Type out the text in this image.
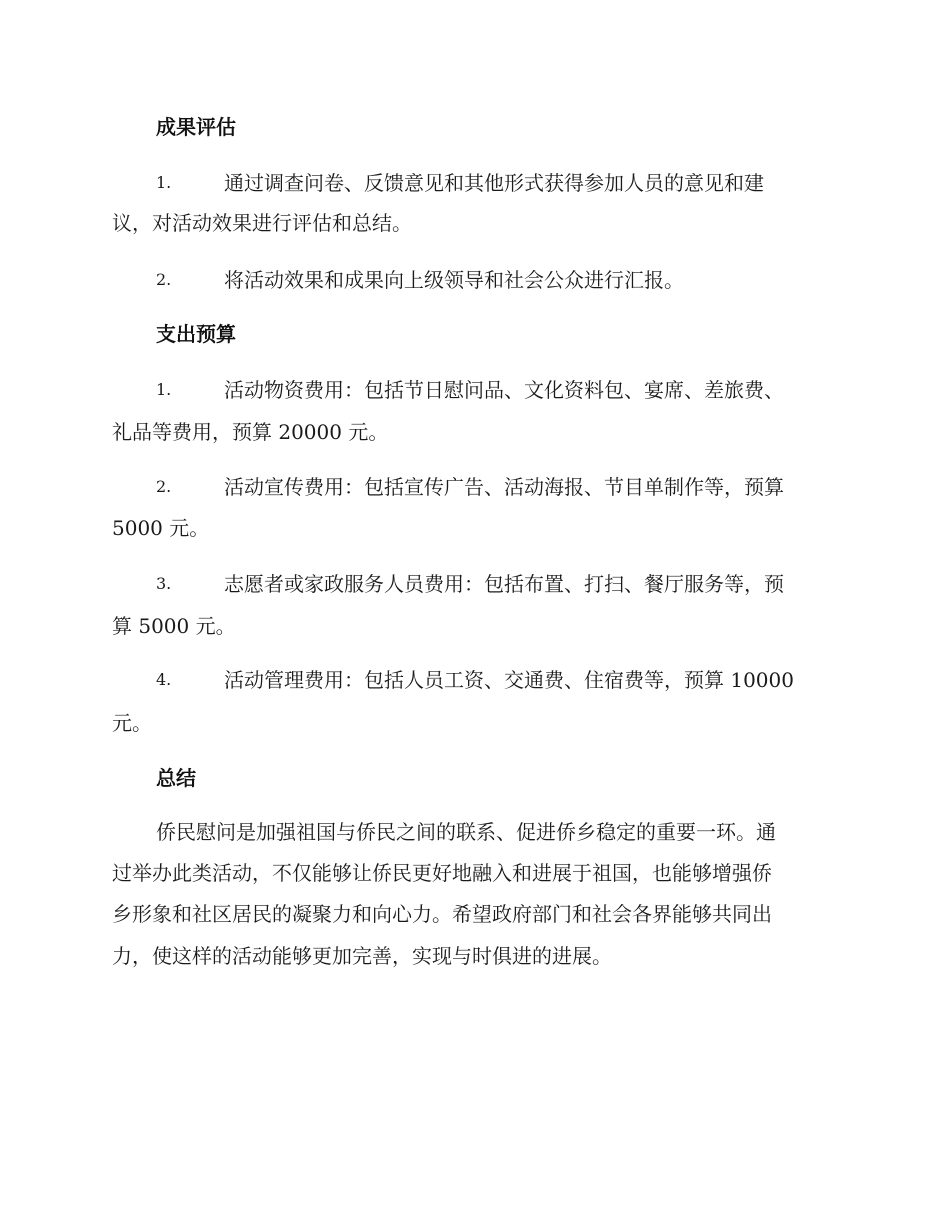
成果评估
1.	通过调查问卷、反馈意见和其他形式获得参加人员的意见和建
议，对活动效果进行评估和总结。
2.	将活动效果和成果向上级领导和社会公众进行汇报。
支出预算
1.	活动物资费用：包括节日慰问品、文化资料包、宴席、差旅费、
礼品等费用，预算 20000 元。
2.	活动宣传费用：包括宣传广告、活动海报、节目单制作等，预算
5000 元。
3.	志愿者或家政服务人员费用：包括布置、打扫、餐厅服务等，预
算 5000 元。
4.	活动管理费用：包括人员工资、交通费、住宿费等，预算 10000
元。
总结
侨民慰问是加强祖国与侨民之间的联系、促进侨乡稳定的重要一环。通
过举办此类活动，不仅能够让侨民更好地融入和进展于祖国，也能够增强侨
乡形象和社区居民的凝聚力和向心力。希望政府部门和社会各界能够共同出
力，使这样的活动能够更加完善，实现与时俱进的进展。
